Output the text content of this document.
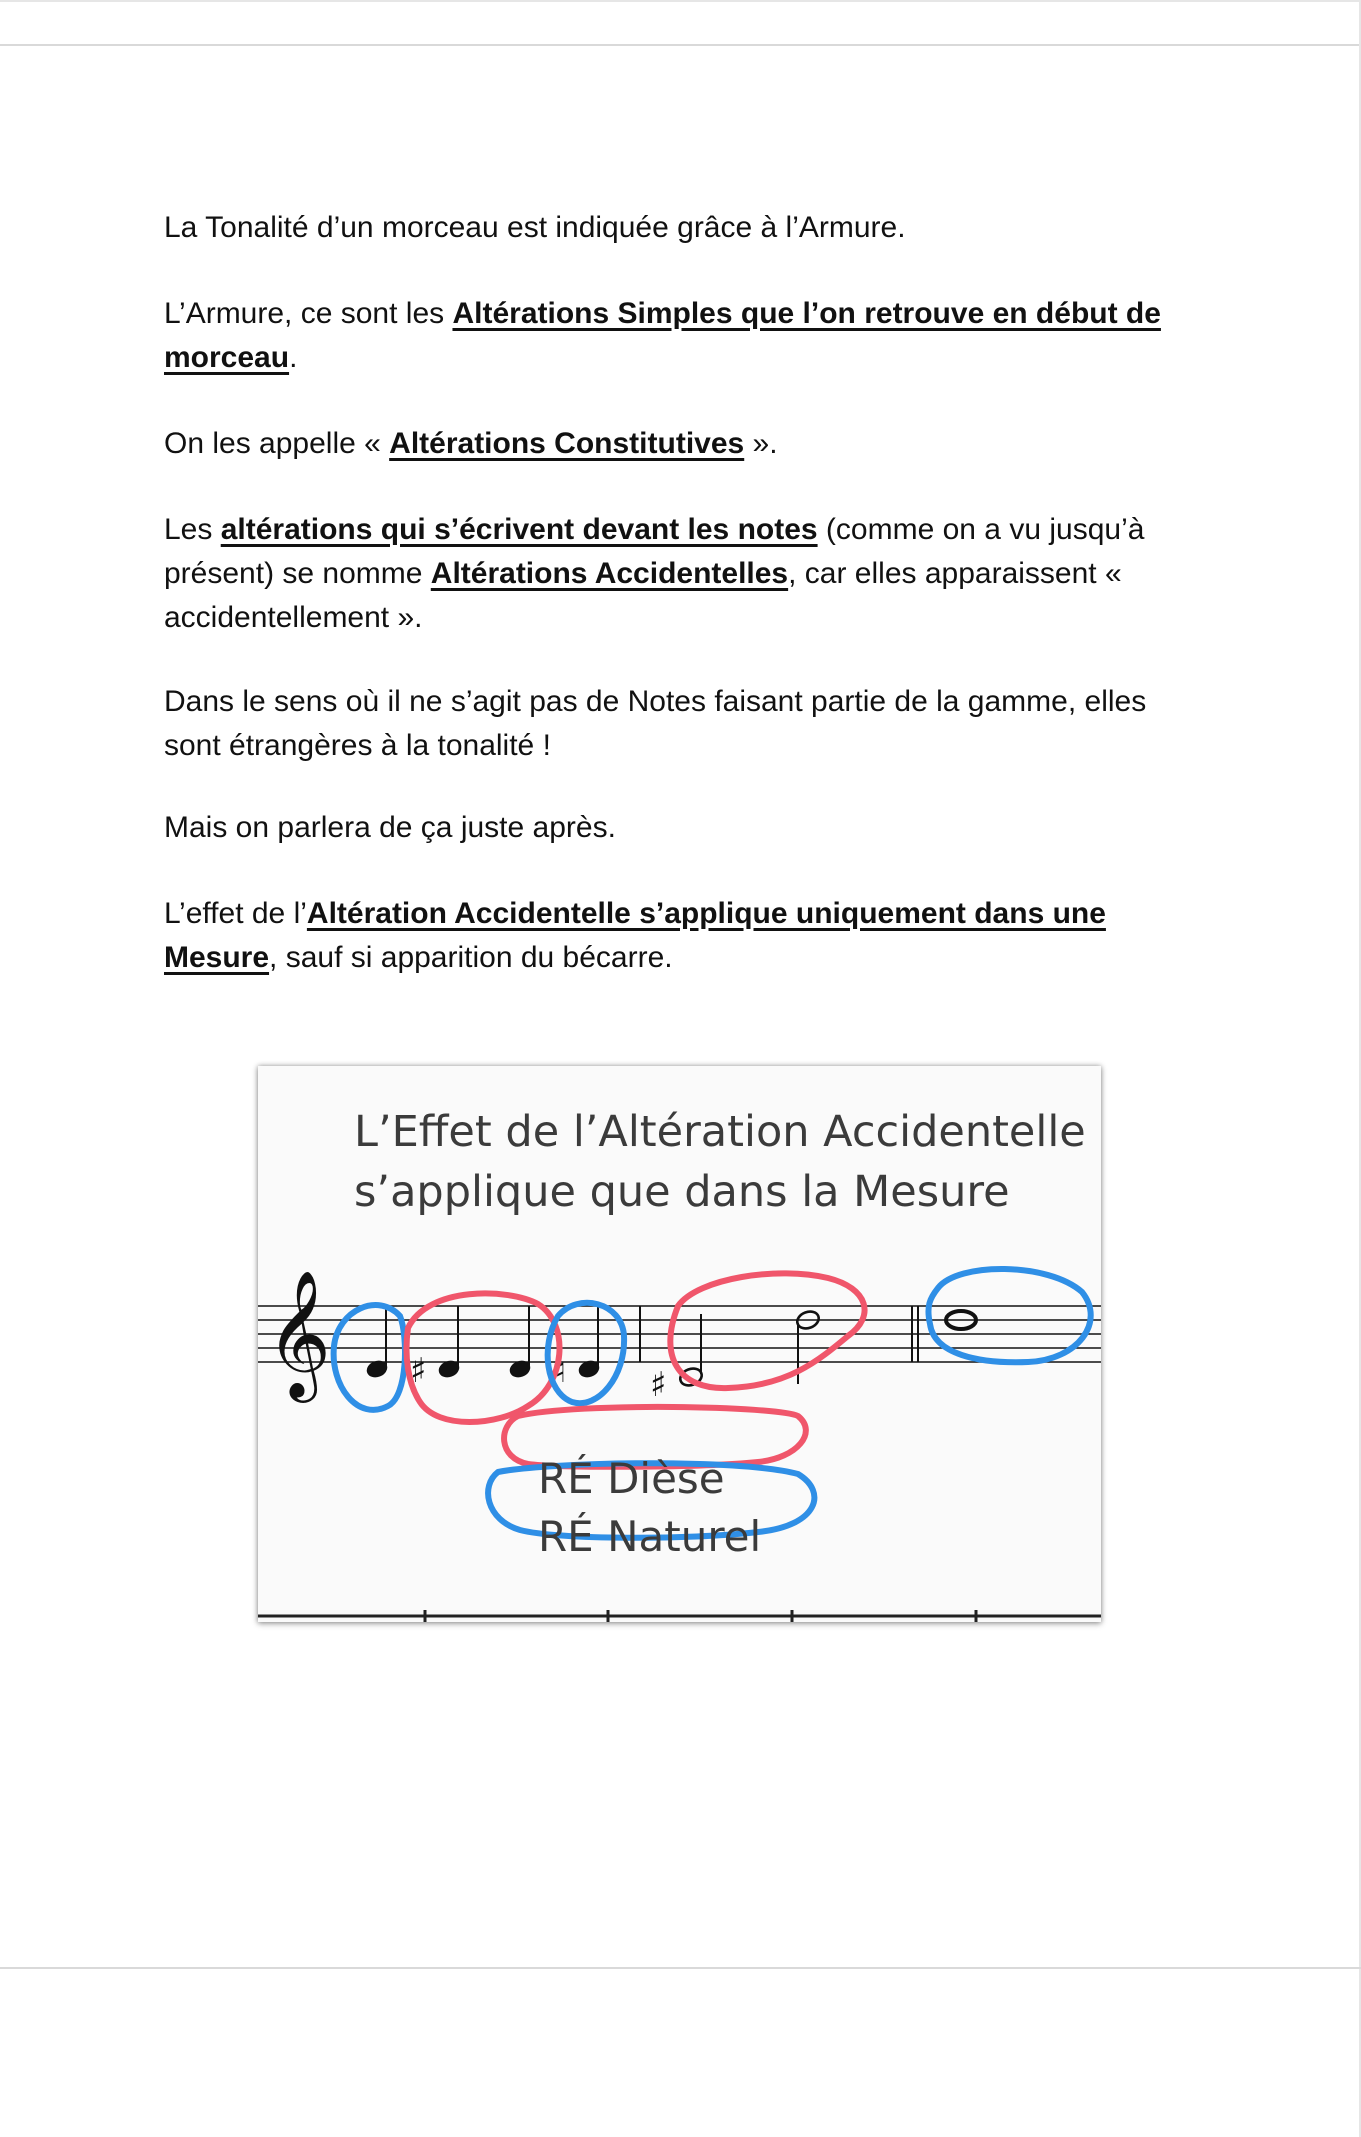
La Tonalité d’un morceau est indiquée grâce à l’Armure.

L’Armure, ce sont les Altérations Simples que l’on retrouve en début de morceau.

On les appelle « Altérations Constitutives ».

Les altérations qui s’écrivent devant les notes (comme on a vu jusqu’à présent) se nomme Altérations Accidentelles, car elles apparaissent « accidentellement ».

Dans le sens où il ne s’agit pas de Notes faisant partie de la gamme, elles sont étrangères à la tonalité !

Mais on parlera de ça juste après.

L’effet de l’Altération Accidentelle s’applique uniquement dans une Mesure, sauf si apparition du bécarre.

L’Effet de l’Altération Accidentelle
s’applique que dans la Mesure
𝄞 ♯	♮ ♯
RÉ Dièse
RÉ Naturel
